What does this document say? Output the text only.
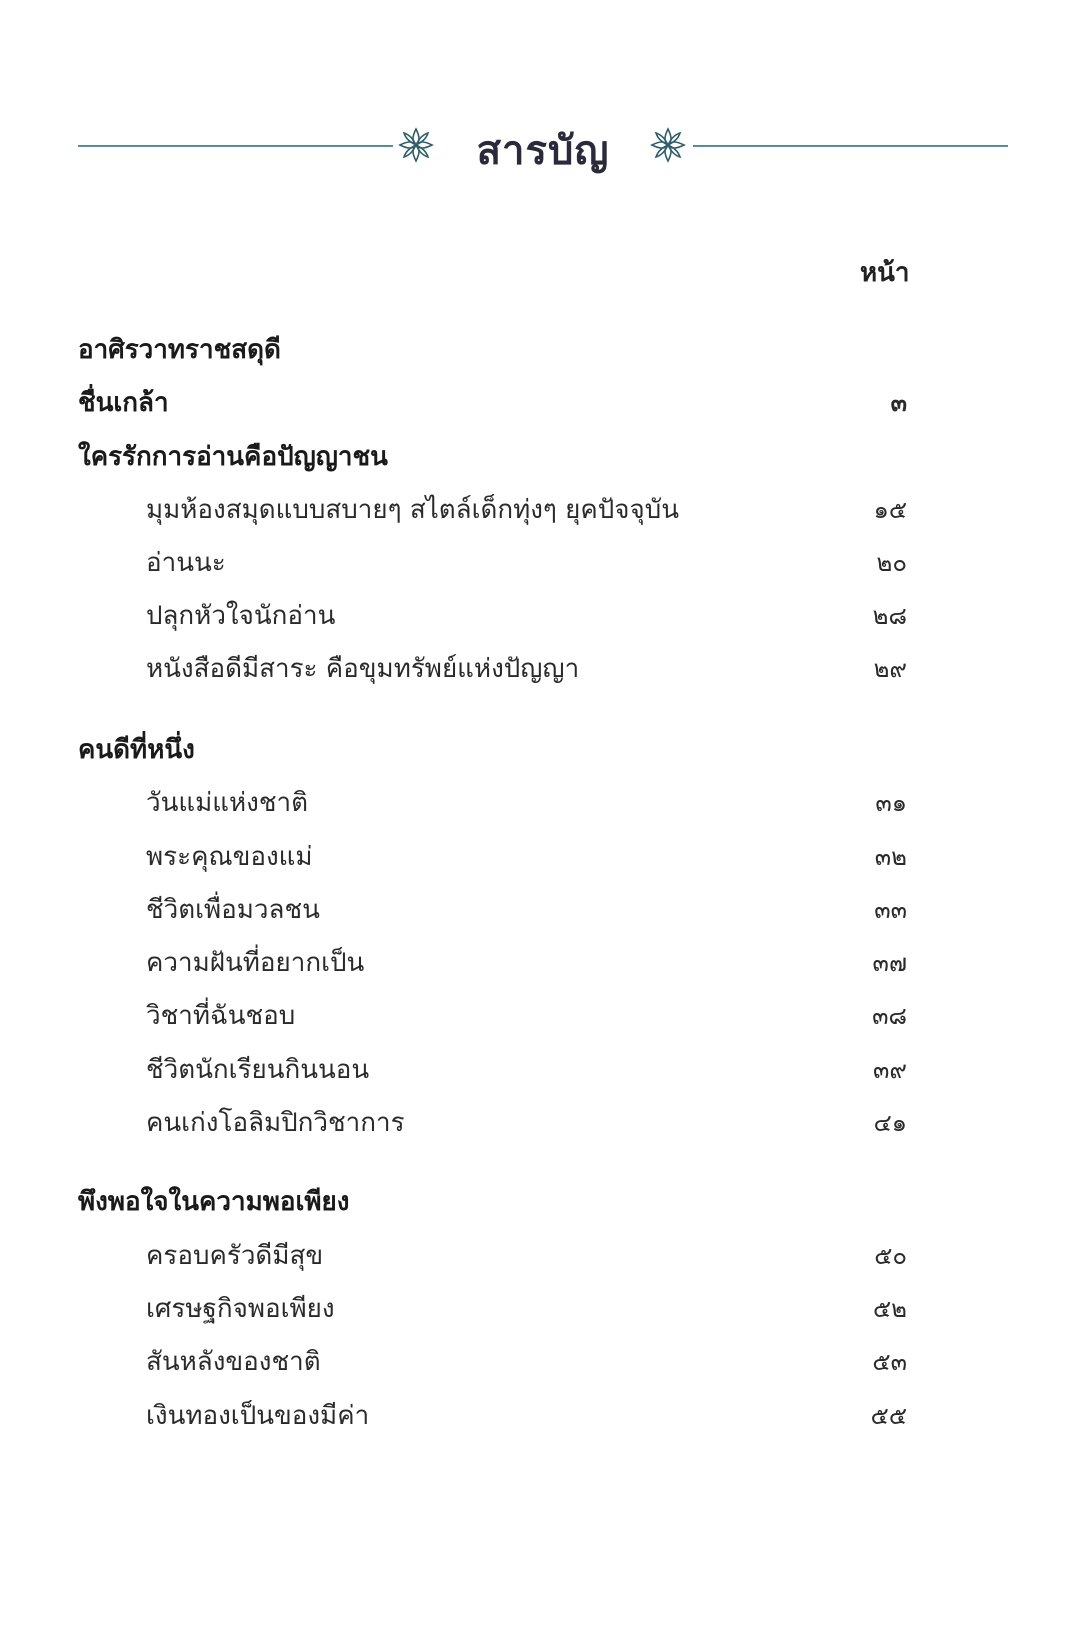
สารบัญ
หน้า
อาศิรวาทราชสดุดี
ชื่นเกล้า	๓
ใครรักการอ่านคือปัญญาชน
มุมห้องสมุดแบบสบายๆ สไตล์เด็กทุ่งๆ ยุคปัจจุบัน	๑๕
อ่านนะ	๒๐
ปลุกหัวใจนักอ่าน	๒๘
หนังสือดีมีสาระ คือขุมทรัพย์แห่งปัญญา	๒๙
คนดีที่หนึ่ง
วันแม่แห่งชาติ	๓๑
พระคุณของแม่	๓๒
ชีวิตเพื่อมวลชน	๓๓
ความฝันที่อยากเป็น	๓๗
วิชาที่ฉันชอบ	๓๘
ชีวิตนักเรียนกินนอน	๓๙
คนเก่งโอลิมปิกวิชาการ	๔๑
พึงพอใจในความพอเพียง
ครอบครัวดีมีสุข	๕๐
เศรษฐกิจพอเพียง	๕๒
สันหลังของชาติ	๕๓
เงินทองเป็นของมีค่า	๕๕
